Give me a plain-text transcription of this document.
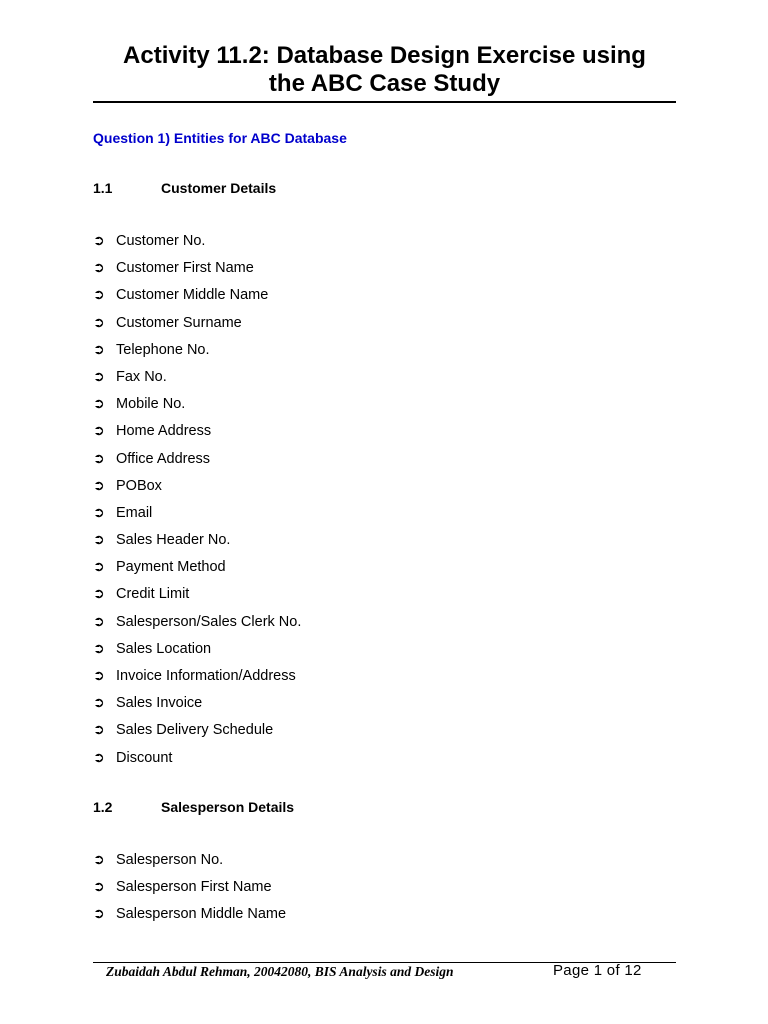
Activity 11.2: Database Design Exercise using
the ABC Case Study

Question 1) Entities for ABC Database

1.1	Customer Details
➲ Customer No.
➲ Customer First Name
➲ Customer Middle Name
➲ Customer Surname
➲ Telephone No.
➲ Fax No.
➲ Mobile No.
➲ Home Address
➲ Office Address
➲ POBox
➲ Email
➲ Sales Header No.
➲ Payment Method
➲ Credit Limit
➲ Salesperson/Sales Clerk No.
➲ Sales Location
➲ Invoice Information/Address
➲ Sales Invoice
➲ Sales Delivery Schedule
➲ Discount
1.2	Salesperson Details
➲ Salesperson No.
➲ Salesperson First Name
➲ Salesperson Middle Name
Zubaidah Abdul Rehman, 20042080, BIS Analysis and Design	Page 1 of 12
